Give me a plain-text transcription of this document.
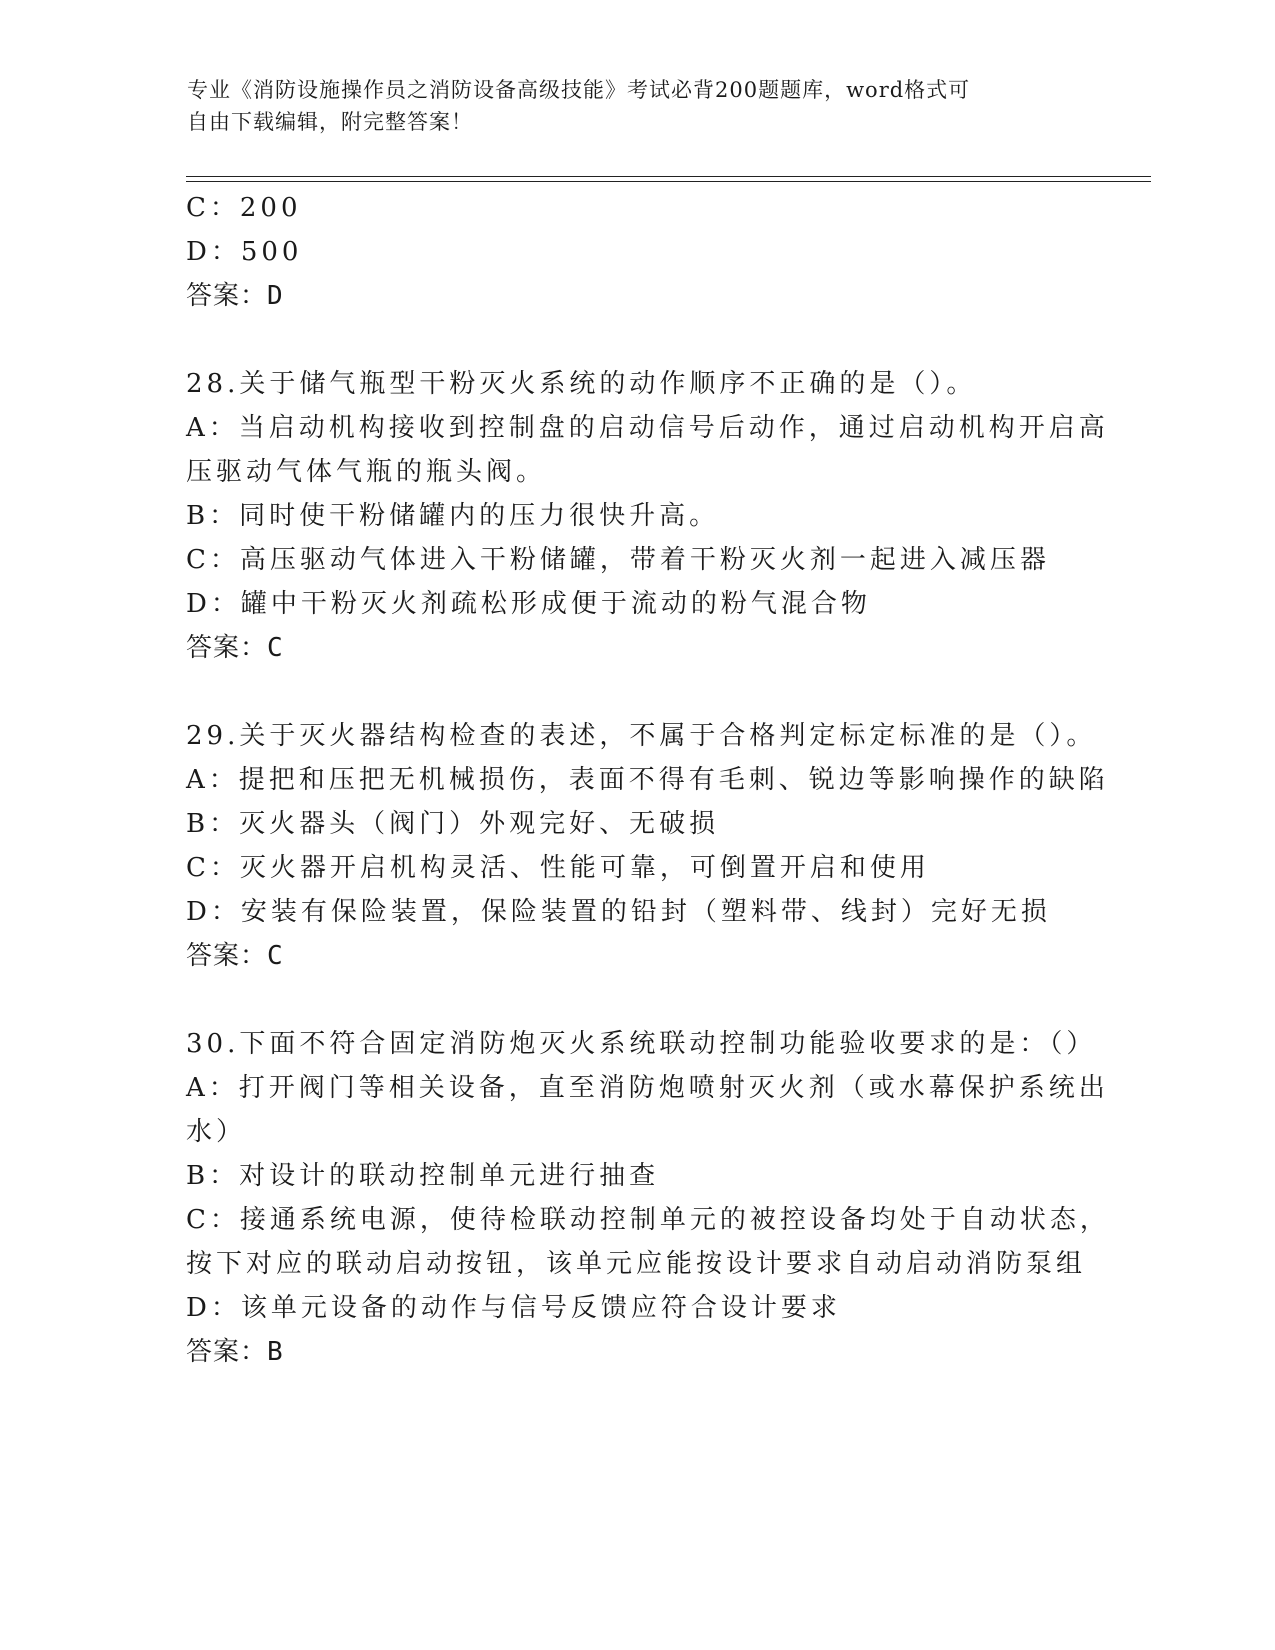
专业《消防设施操作员之消防设备高级技能》考试必背200题题库，word格式可
自由下载编辑，附完整答案！
C：200
D：500
答案：D
28.关于储气瓶型干粉灭火系统的动作顺序不正确的是（）。
A：当启动机构接收到控制盘的启动信号后动作，通过启动机构开启高
压驱动气体气瓶的瓶头阀。
B：同时使干粉储罐内的压力很快升高。
C：高压驱动气体进入干粉储罐，带着干粉灭火剂一起进入减压器
D：罐中干粉灭火剂疏松形成便于流动的粉气混合物
答案：C
29.关于灭火器结构检查的表述，不属于合格判定标定标准的是（）。
A：提把和压把无机械损伤，表面不得有毛刺、锐边等影响操作的缺陷
B：灭火器头（阀门）外观完好、无破损
C：灭火器开启机构灵活、性能可靠，可倒置开启和使用
D：安装有保险装置，保险装置的铅封（塑料带、线封）完好无损
答案：C
30.下面不符合固定消防炮灭火系统联动控制功能验收要求的是：（）
A：打开阀门等相关设备，直至消防炮喷射灭火剂（或水幕保护系统出
水）
B：对设计的联动控制单元进行抽查
C：接通系统电源，使待检联动控制单元的被控设备均处于自动状态，
按下对应的联动启动按钮，该单元应能按设计要求自动启动消防泵组
D：该单元设备的动作与信号反馈应符合设计要求
答案：B
